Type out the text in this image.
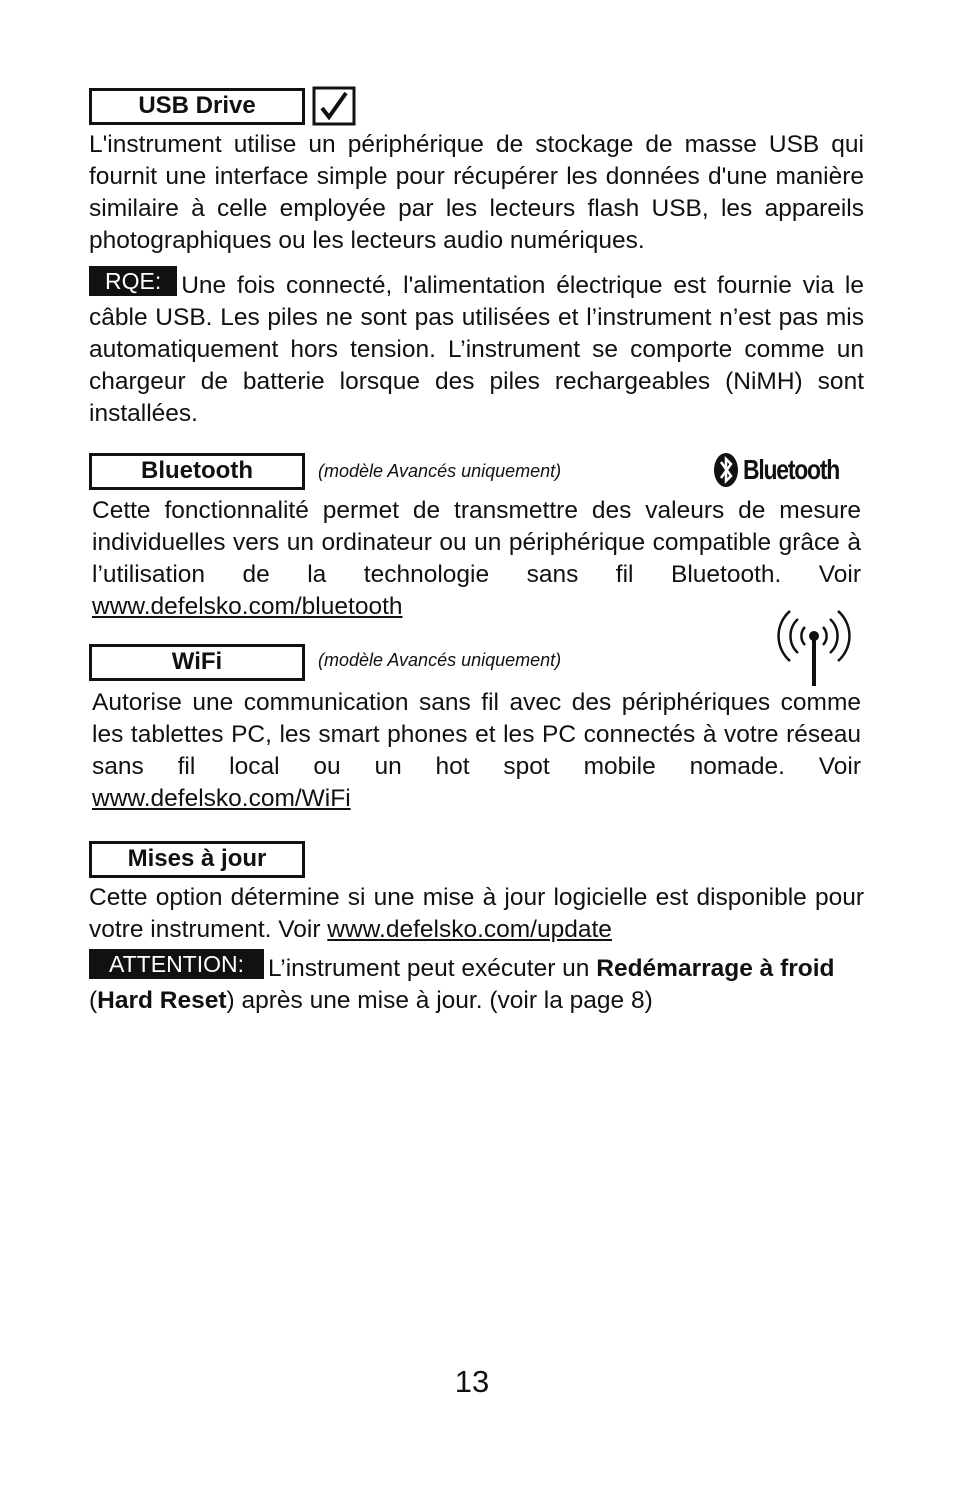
USB Drive
L'instrument utilise un périphérique de stockage de masse USB qui fournit une interface simple pour récupérer les données d'une manière similaire à celle employée par les lecteurs flash USB, les appareils photographiques ou les lecteurs audio numériques.
RQE: Une fois connecté, l'alimentation électrique est fournie via le câble USB. Les piles ne sont pas utilisées et l’instrument n’est pas mis automatiquement hors tension. L’instrument se comporte comme un chargeur de batterie lorsque des piles rechargeables (NiMH) sont installées.
Bluetooth	(modèle Avancés uniquement)	Bluetooth
Cette fonctionnalité permet de transmettre des valeurs de mesure individuelles vers un ordinateur ou un périphérique compatible grâce à l’utilisation de la technologie sans fil Bluetooth. Voir www.defelsko.com/bluetooth
WiFi	(modèle Avancés uniquement)
Autorise une communication sans fil avec des périphériques comme les tablettes PC, les smart phones et les PC connectés à votre réseau sans fil local ou un hot spot mobile nomade. Voir www.defelsko.com/WiFi
Mises à jour
Cette option détermine si une mise à jour logicielle est disponible pour votre instrument. Voir www.defelsko.com/update
ATTENTION: L’instrument peut exécuter un Redémarrage à froid (Hard Reset) après une mise à jour. (voir la page 8)
13
